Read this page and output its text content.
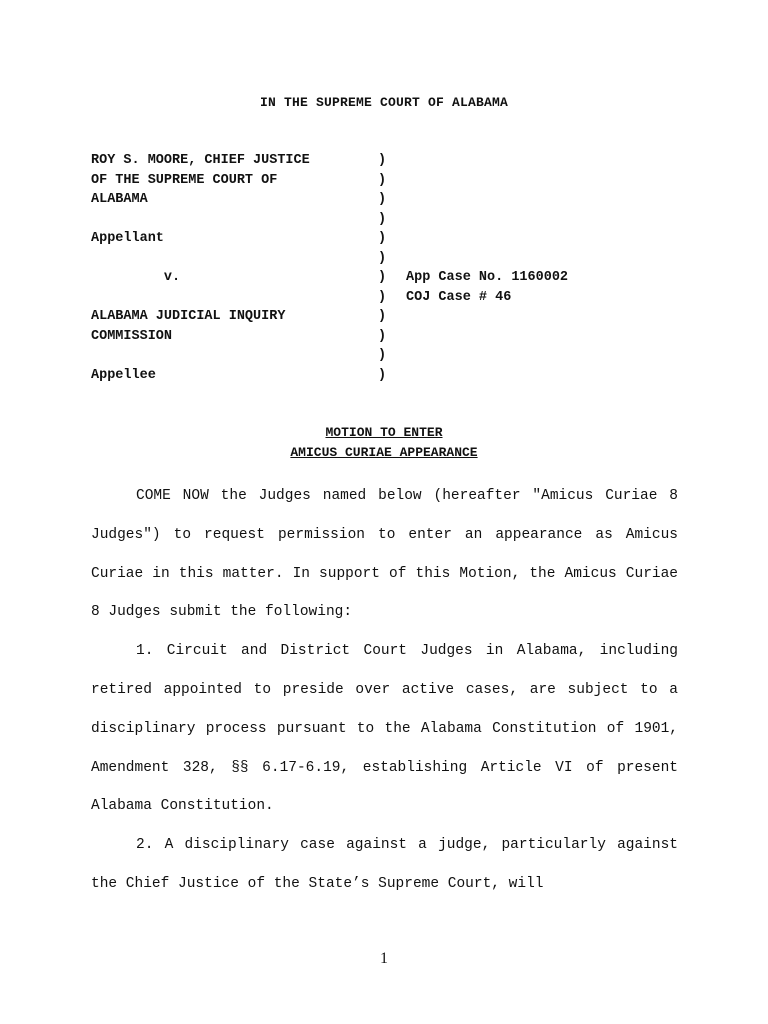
IN THE SUPREME COURT OF ALABAMA
ROY S. MOORE, CHIEF JUSTICE
OF THE SUPREME COURT OF
ALABAMA
Appellant
v.
ALABAMA JUDICIAL INQUIRY
COMMISSION
Appellee
)
)
)
)
)
)
)
)
)
)
)
)
App Case No. 1160002
COJ Case # 46
MOTION TO ENTER
AMICUS CURIAE APPEARANCE

COME NOW the Judges named below (hereafter "Amicus Curiae 8 Judges") to request permission to enter an appearance as Amicus Curiae in this matter. In support of this Motion, the Amicus Curiae 8 Judges submit the following:

1. Circuit and District Court Judges in Alabama, including retired appointed to preside over active cases, are subject to a disciplinary process pursuant to the Alabama Constitution of 1901, Amendment 328, §§ 6.17-6.19, establishing Article VI of present Alabama Constitution.

2. A disciplinary case against a judge, particularly against the Chief Justice of the State’s Supreme Court, will

1
